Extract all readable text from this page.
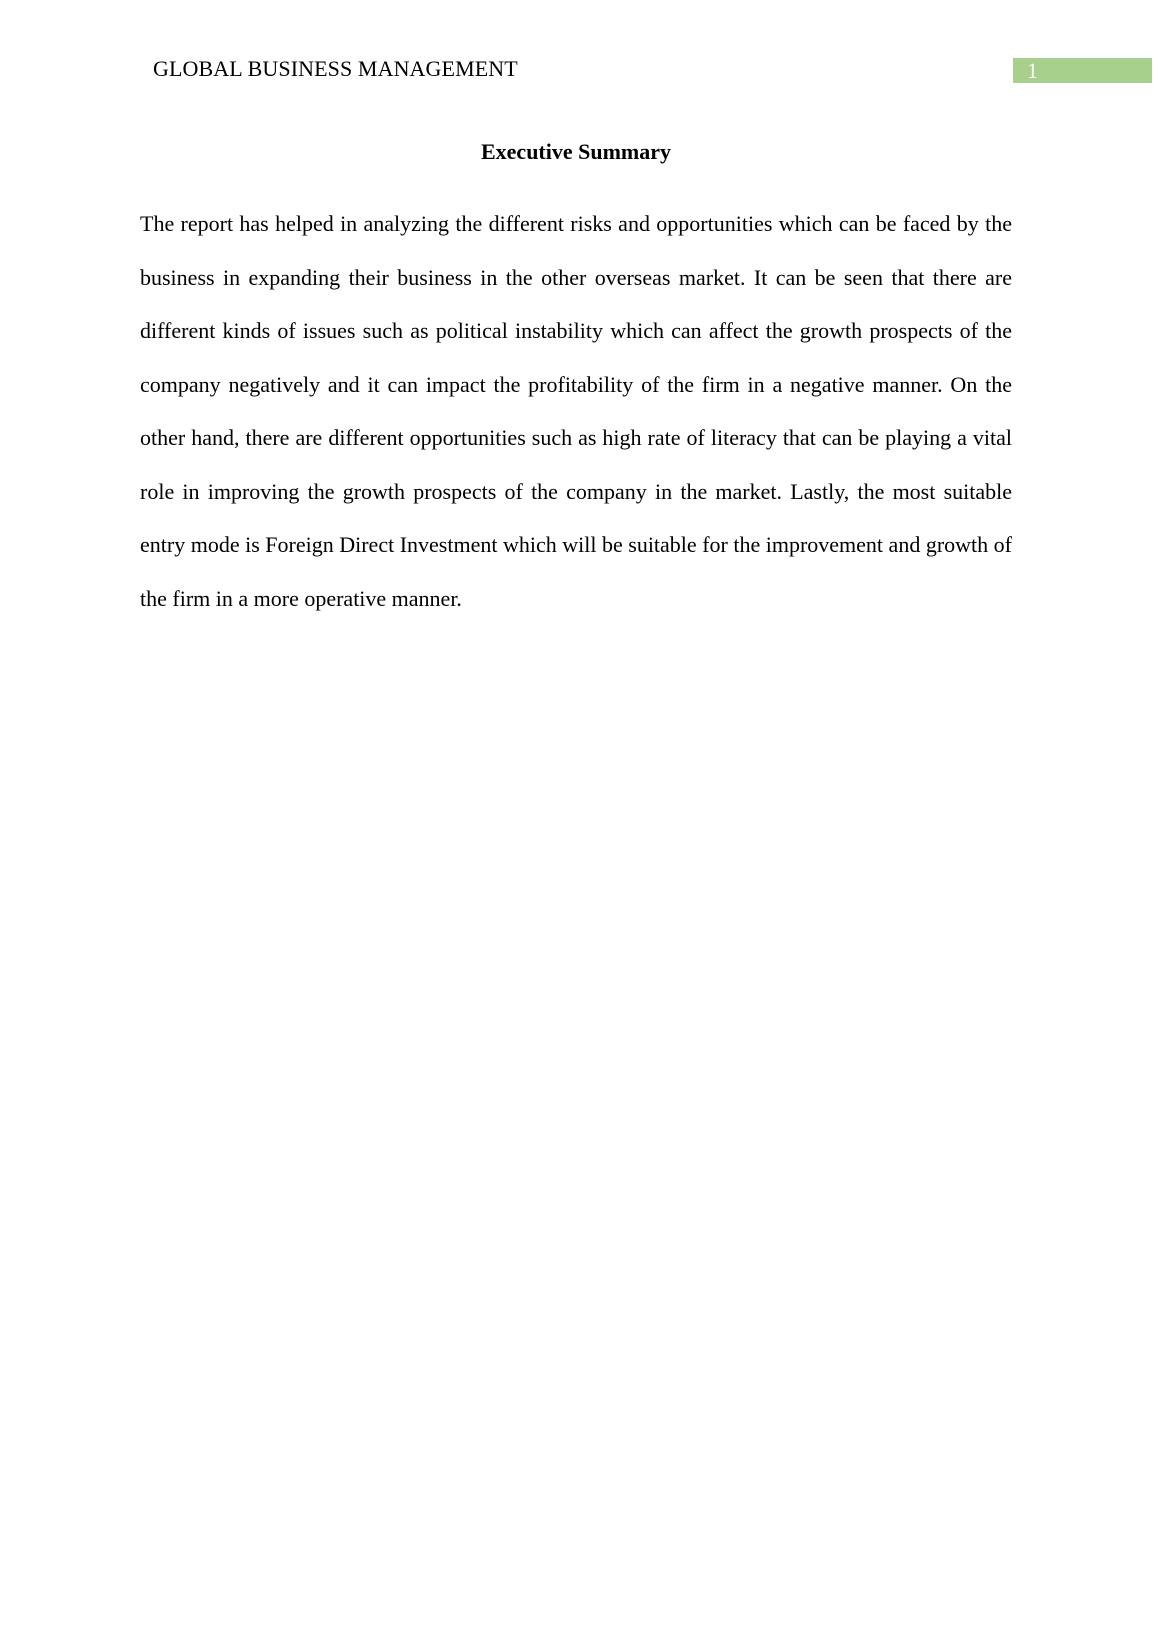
GLOBAL BUSINESS MANAGEMENT	1
Executive Summary

The report has helped in analyzing the different risks and opportunities which can be faced by the business in expanding their business in the other overseas market. It can be seen that there are different kinds of issues such as political instability which can affect the growth prospects of the company negatively and it can impact the profitability of the firm in a negative manner. On the other hand, there are different opportunities such as high rate of literacy that can be playing a vital role in improving the growth prospects of the company in the market. Lastly, the most suitable entry mode is Foreign Direct Investment which will be suitable for the improvement and growth of the firm in a more operative manner.
